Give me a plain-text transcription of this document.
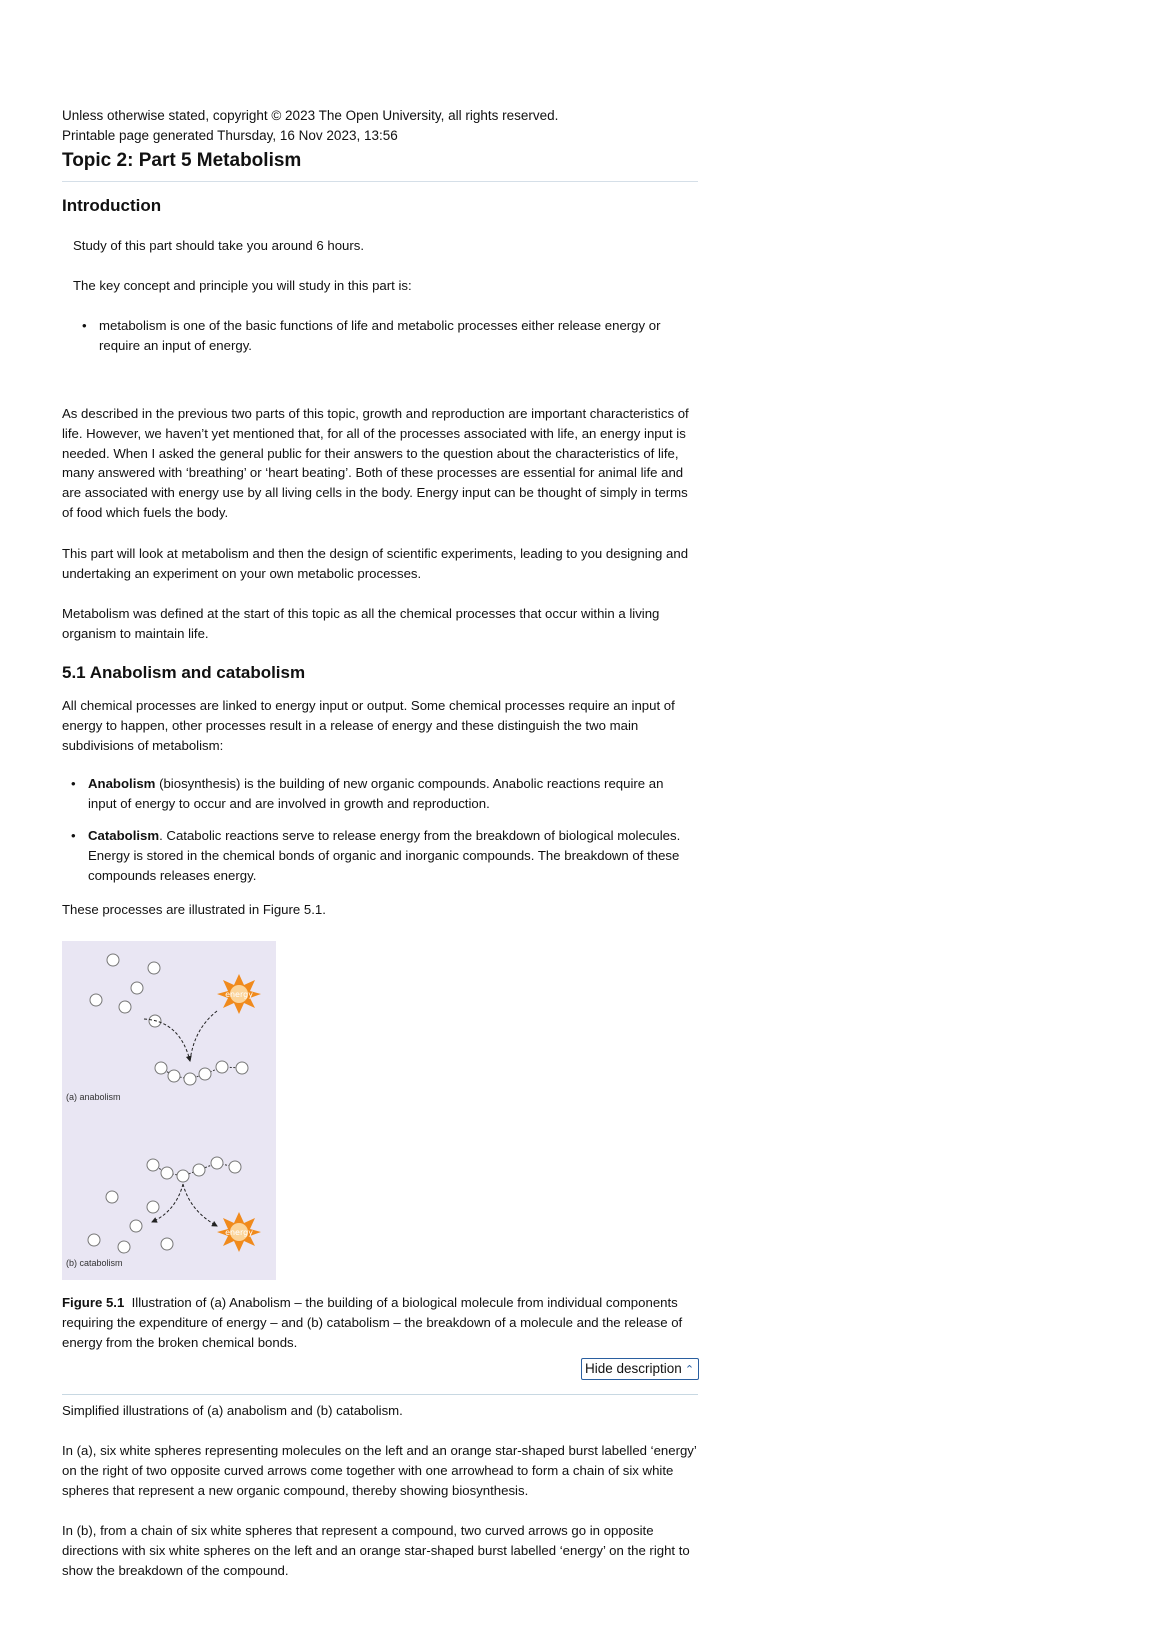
Unless otherwise stated, copyright © 2023 The Open University, all rights reserved.
Printable page generated Thursday, 16 Nov 2023, 13:56
Topic 2: Part 5 Metabolism
Introduction

Study of this part should take you around 6 hours.

The key concept and principle you will study in this part is:

• metabolism is one of the basic functions of life and metabolic processes either release energy or require an input of energy.

As described in the previous two parts of this topic, growth and reproduction are important characteristics of life. However, we haven’t yet mentioned that, for all of the processes associated with life, an energy input is needed. When I asked the general public for their answers to the question about the characteristics of life, many answered with ‘breathing’ or ‘heart beating’. Both of these processes are essential for animal life and are associated with energy use by all living cells in the body. Energy input can be thought of simply in terms of food which fuels the body.

This part will look at metabolism and then the design of scientific experiments, leading to you designing and undertaking an experiment on your own metabolic processes.

Metabolism was defined at the start of this topic as all the chemical processes that occur within a living organism to maintain life.

5.1 Anabolism and catabolism

All chemical processes are linked to energy input or output. Some chemical processes require an input of energy to happen, other processes result in a release of energy and these distinguish the two main subdivisions of metabolism:

• Anabolism (biosynthesis) is the building of new organic compounds. Anabolic reactions require an input of energy to occur and are involved in growth and reproduction.
• Catabolism. Catabolic reactions serve to release energy from the breakdown of biological molecules. Energy is stored in the chemical bonds of organic and inorganic compounds. The breakdown of these compounds releases energy.

These processes are illustrated in Figure 5.1.

energy
(a) anabolism
energy
(b) catabolism
Figure 5.1 Illustration of (a) Anabolism – the building of a biological molecule from individual components requiring the expenditure of energy – and (b) catabolism – the breakdown of a molecule and the release of energy from the broken chemical bonds.
Hide description ⌃

Simplified illustrations of (a) anabolism and (b) catabolism.

In (a), six white spheres representing molecules on the left and an orange star-shaped burst labelled ‘energy’ on the right of two opposite curved arrows come together with one arrowhead to form a chain of six white spheres that represent a new organic compound, thereby showing biosynthesis.

In (b), from a chain of six white spheres that represent a compound, two curved arrows go in opposite directions with six white spheres on the left and an orange star-shaped burst labelled ‘energy’ on the right to show the breakdown of the compound.
